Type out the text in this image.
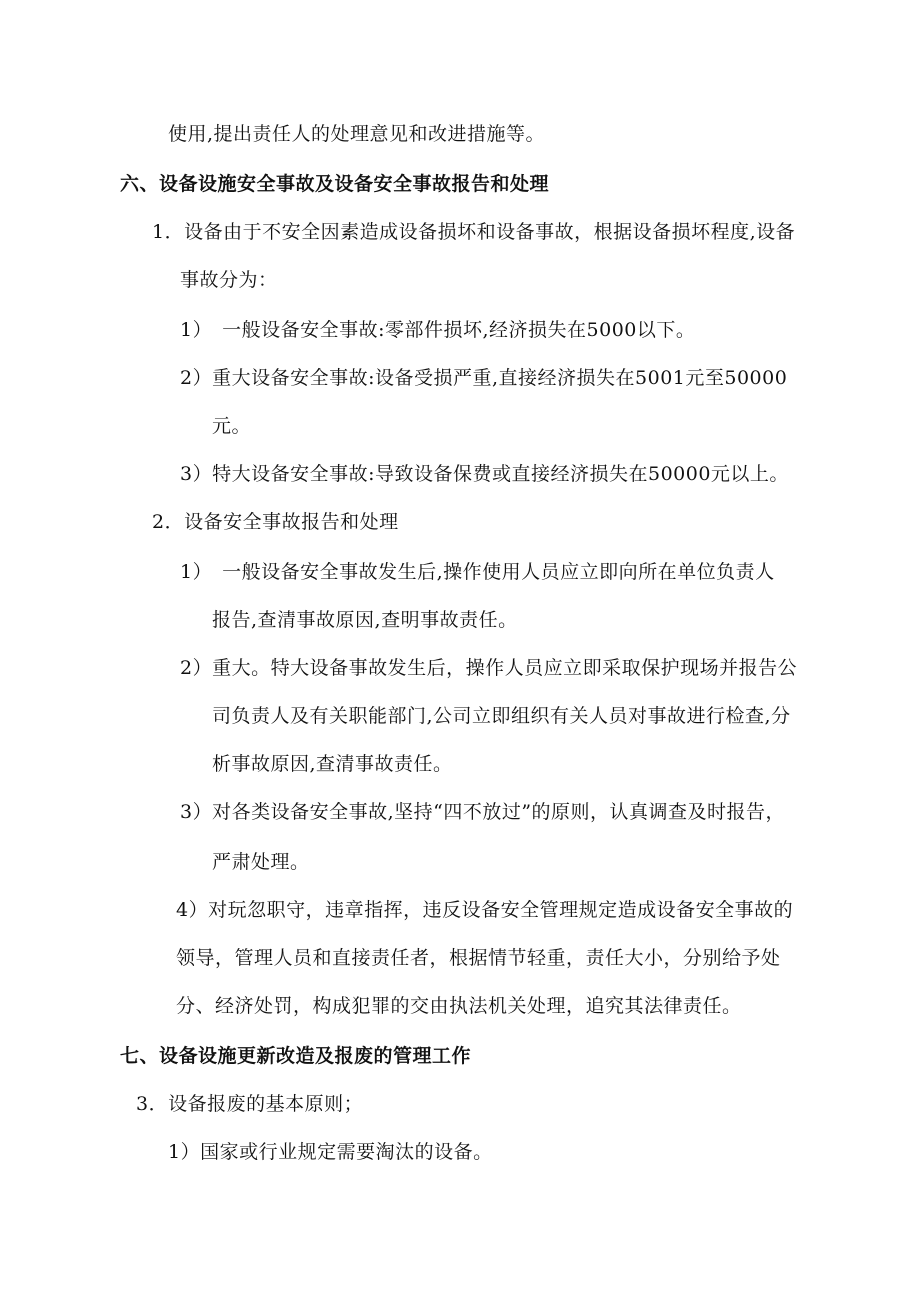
使用,提出责任人的处理意见和改进措施等。
六、设备设施安全事故及设备安全事故报告和处理
1．设备由于不安全因素造成设备损坏和设备事故，根据设备损坏程度,设备
事故分为：
1）　一般设备安全事故:零部件损坏,经济损失在5000以下。
2）重大设备安全事故:设备受损严重,直接经济损失在5001元至50000
元。
3）特大设备安全事故:导致设备保费或直接经济损失在50000元以上。
2．设备安全事故报告和处理
1）　一般设备安全事故发生后,操作使用人员应立即向所在单位负责人
报告,查清事故原因,查明事故责任。
2）重大。特大设备事故发生后，操作人员应立即采取保护现场并报告公
司负责人及有关职能部门,公司立即组织有关人员对事故进行检查,分
析事故原因,查清事故责任。
3）对各类设备安全事故,坚持“四不放过”的原则，认真调查及时报告，
严肃处理。
4）对玩忽职守，违章指挥，违反设备安全管理规定造成设备安全事故的
领导，管理人员和直接责任者，根据情节轻重，责任大小，分别给予处
分、经济处罚，构成犯罪的交由执法机关处理，追究其法律责任。
七、设备设施更新改造及报废的管理工作
3．设备报废的基本原则；
1）国家或行业规定需要淘汰的设备。
